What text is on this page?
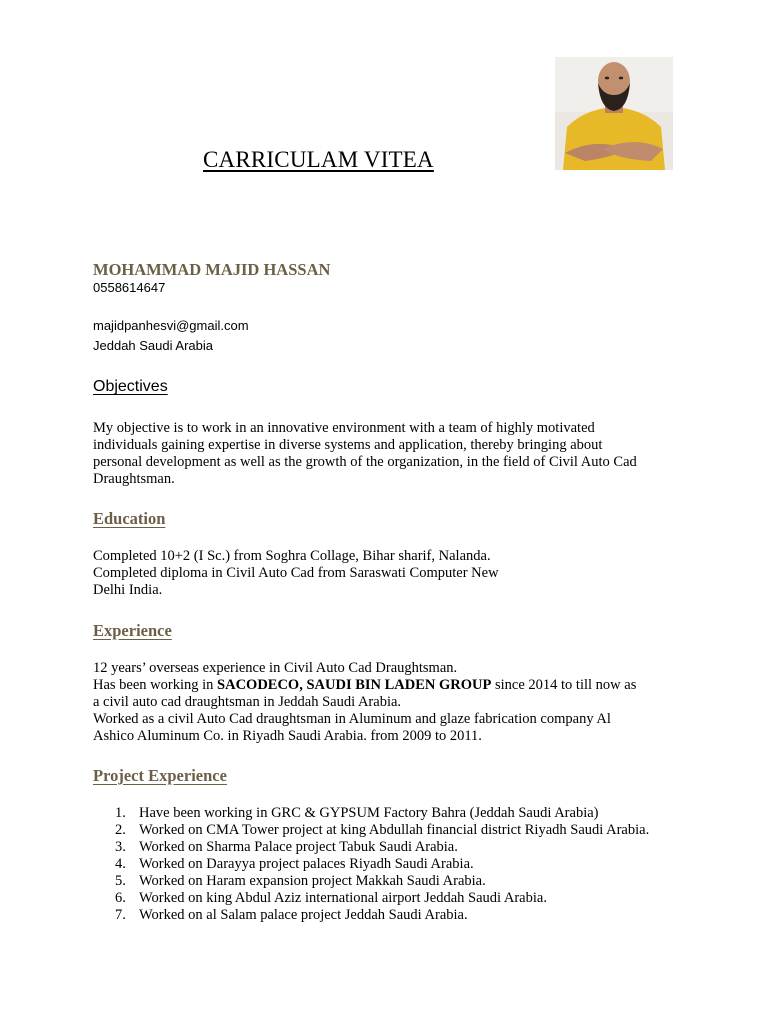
CARRICULAM VITEA
MOHAMMAD MAJID HASSAN
0558614647
majidpanhesvi@gmail.com
Jeddah Saudi Arabia
Objectives
My objective is to work in an innovative environment with a team of highly motivated
individuals gaining expertise in diverse systems and application, thereby bringing about
personal development as well as the growth of the organization, in the field of Civil Auto Cad
Draughtsman.
Education
Completed 10+2 (I Sc.) from Soghra Collage, Bihar sharif, Nalanda.
Completed diploma in Civil Auto Cad from Saraswati Computer New
Delhi India.
Experience
12 years’ overseas experience in Civil Auto Cad Draughtsman.
Has been working in SACODECO, SAUDI BIN LADEN GROUP since 2014 to till now as
a civil auto cad draughtsman in Jeddah Saudi Arabia.
Worked as a civil Auto Cad draughtsman in Aluminum and glaze fabrication company Al
Ashico Aluminum Co. in Riyadh Saudi Arabia. from 2009 to 2011.
Project Experience
1. Have been working in GRC & GYPSUM Factory Bahra (Jeddah Saudi Arabia)
2. Worked on CMA Tower project at king Abdullah financial district Riyadh Saudi Arabia.
3. Worked on Sharma Palace project Tabuk Saudi Arabia.
4. Worked on Darayya project palaces Riyadh Saudi Arabia.
5. Worked on Haram expansion project Makkah Saudi Arabia.
6. Worked on king Abdul Aziz international airport Jeddah Saudi Arabia.
7. Worked on al Salam palace project Jeddah Saudi Arabia.
